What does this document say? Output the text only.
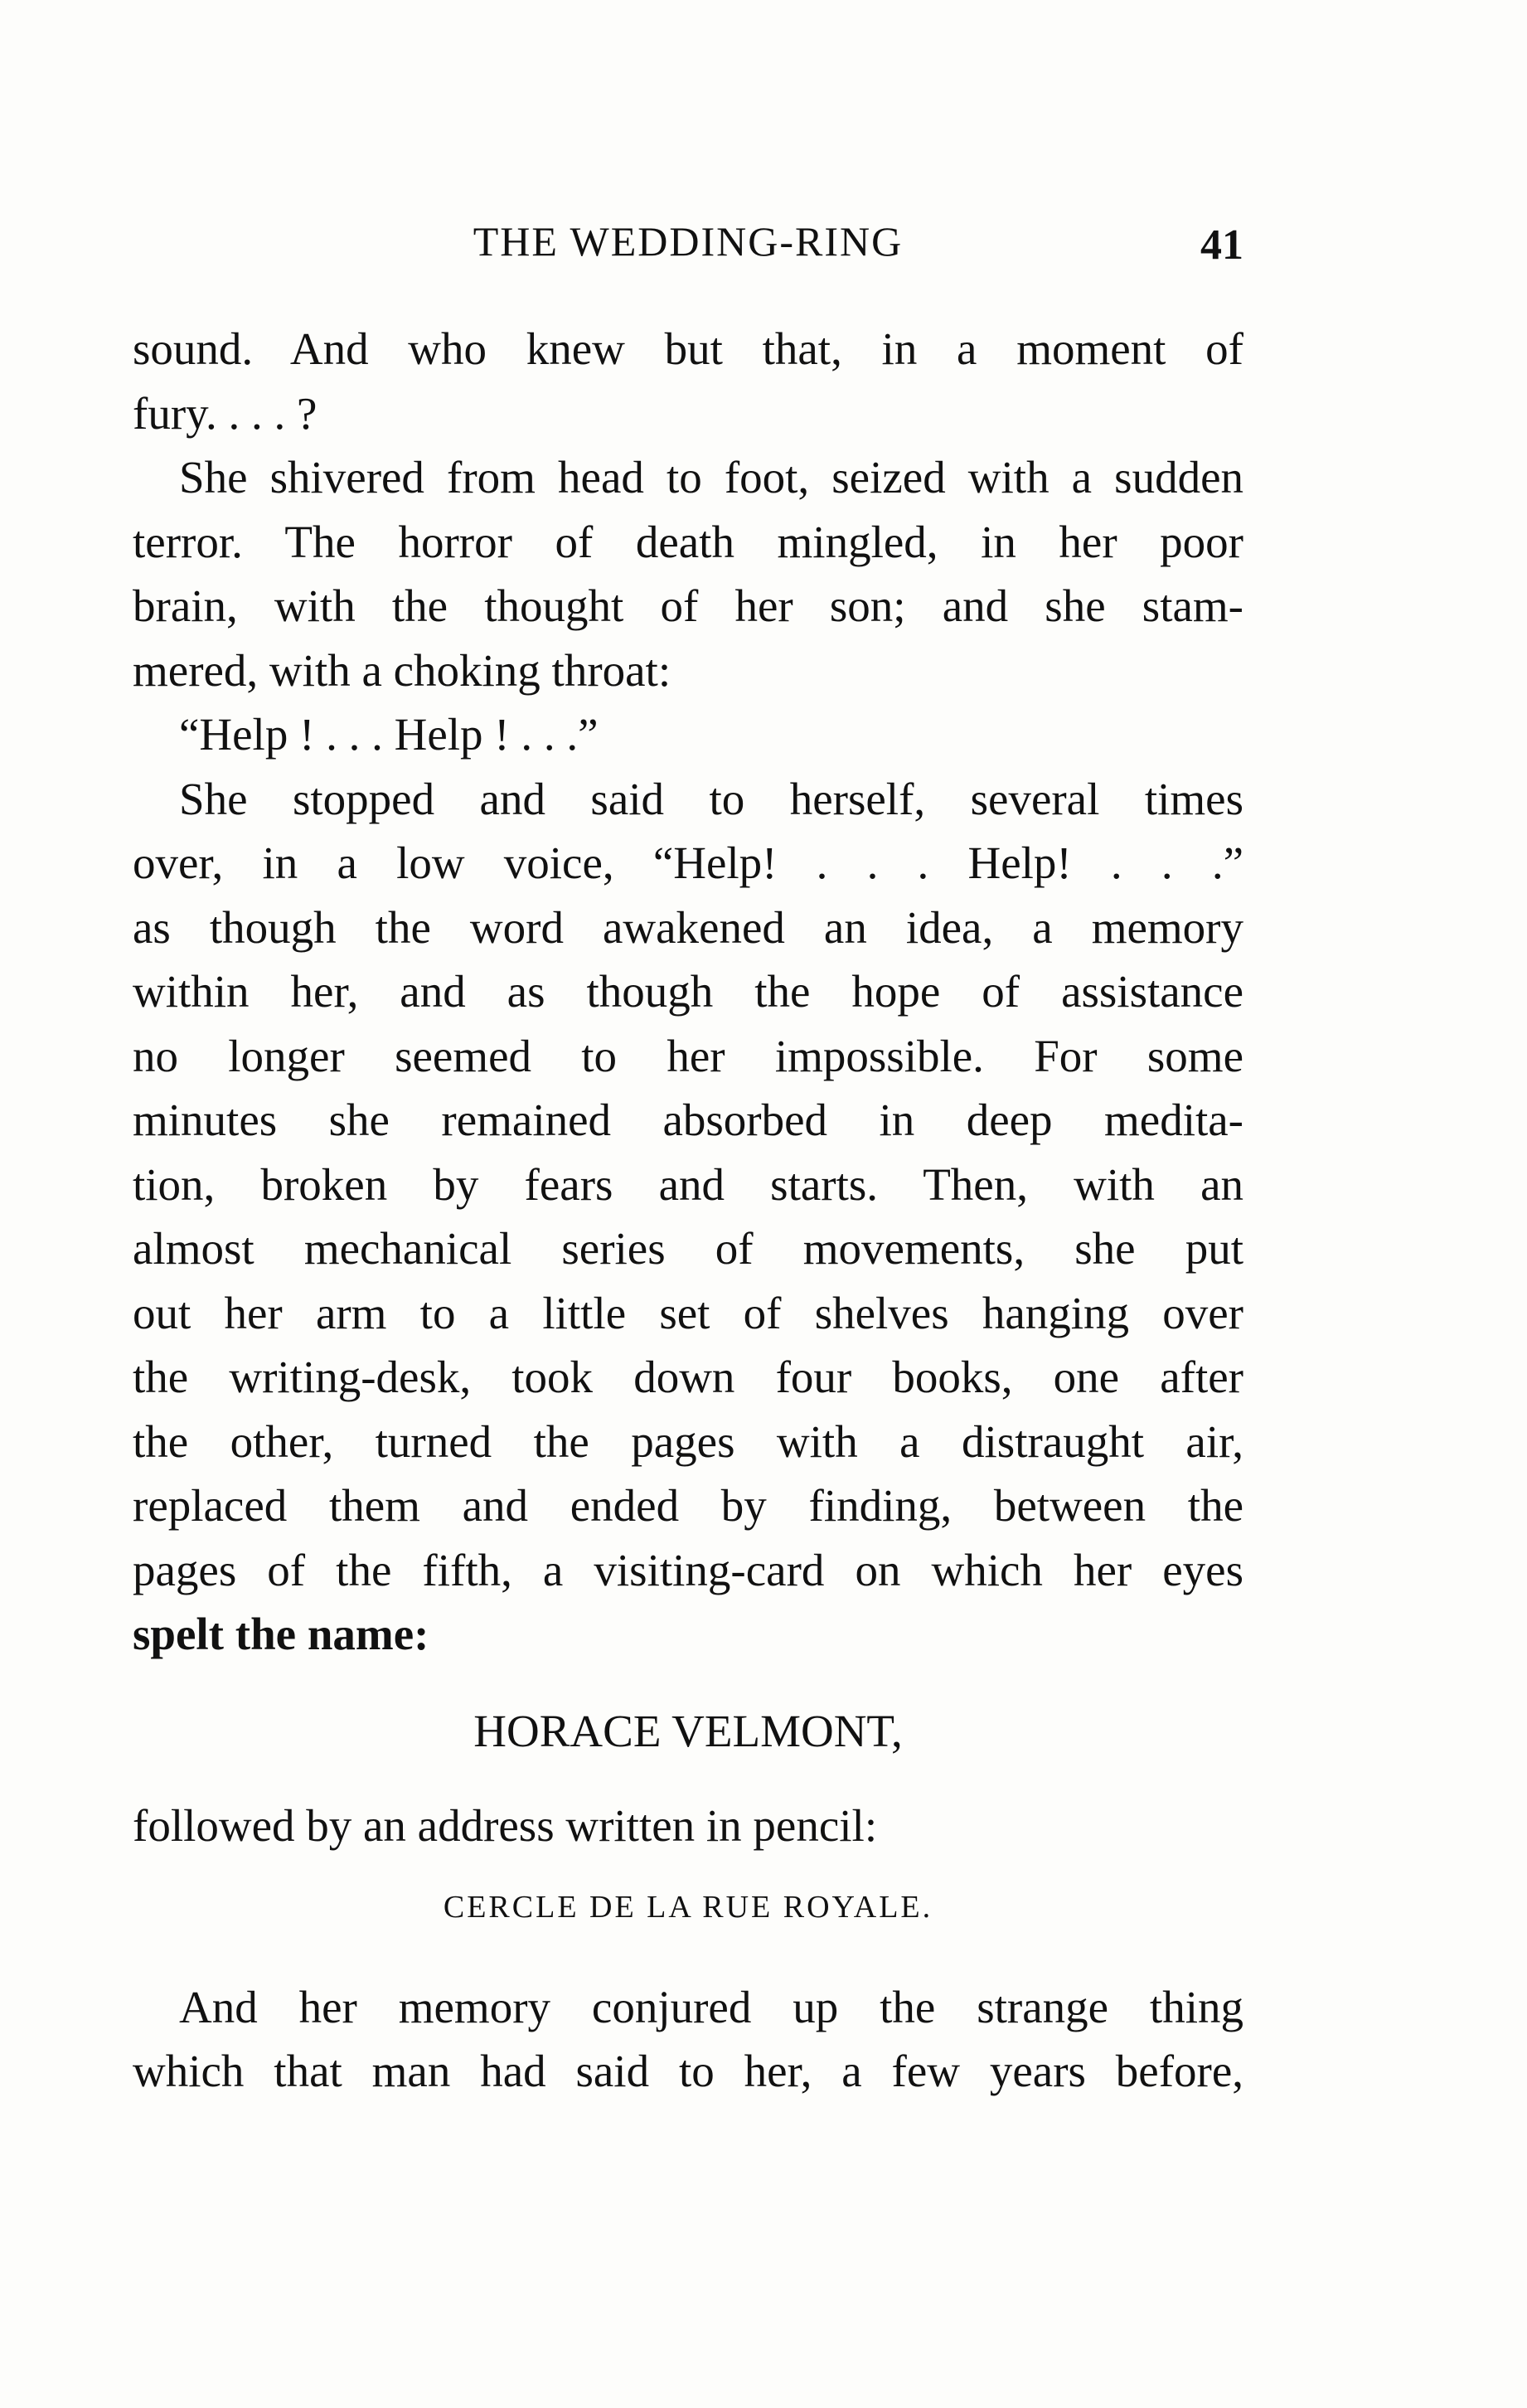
THE WEDDING-RING	41
sound. And who knew but that, in a moment of
fury. . . . ?
She shivered from head to foot, seized with a sudden
terror. The horror of death mingled, in her poor
brain, with the thought of her son; and she stam-
mered, with a choking throat:
“Help ! . . . Help ! . . .”
She stopped and said to herself, several times
over, in a low voice, “Help! . . . Help! . . .”
as though the word awakened an idea, a memory
within her, and as though the hope of assistance
no longer seemed to her impossible. For some
minutes she remained absorbed in deep medita-
tion, broken by fears and starts. Then, with an
almost mechanical series of movements, she put
out her arm to a little set of shelves hanging over
the writing-desk, took down four books, one after
the other, turned the pages with a distraught air,
replaced them and ended by finding, between the
pages of the fifth, a visiting-card on which her eyes
spelt the name:
HORACE VELMONT,
followed by an address written in pencil:
CERCLE DE LA RUE ROYALE.
And her memory conjured up the strange thing
which that man had said to her, a few years before,
